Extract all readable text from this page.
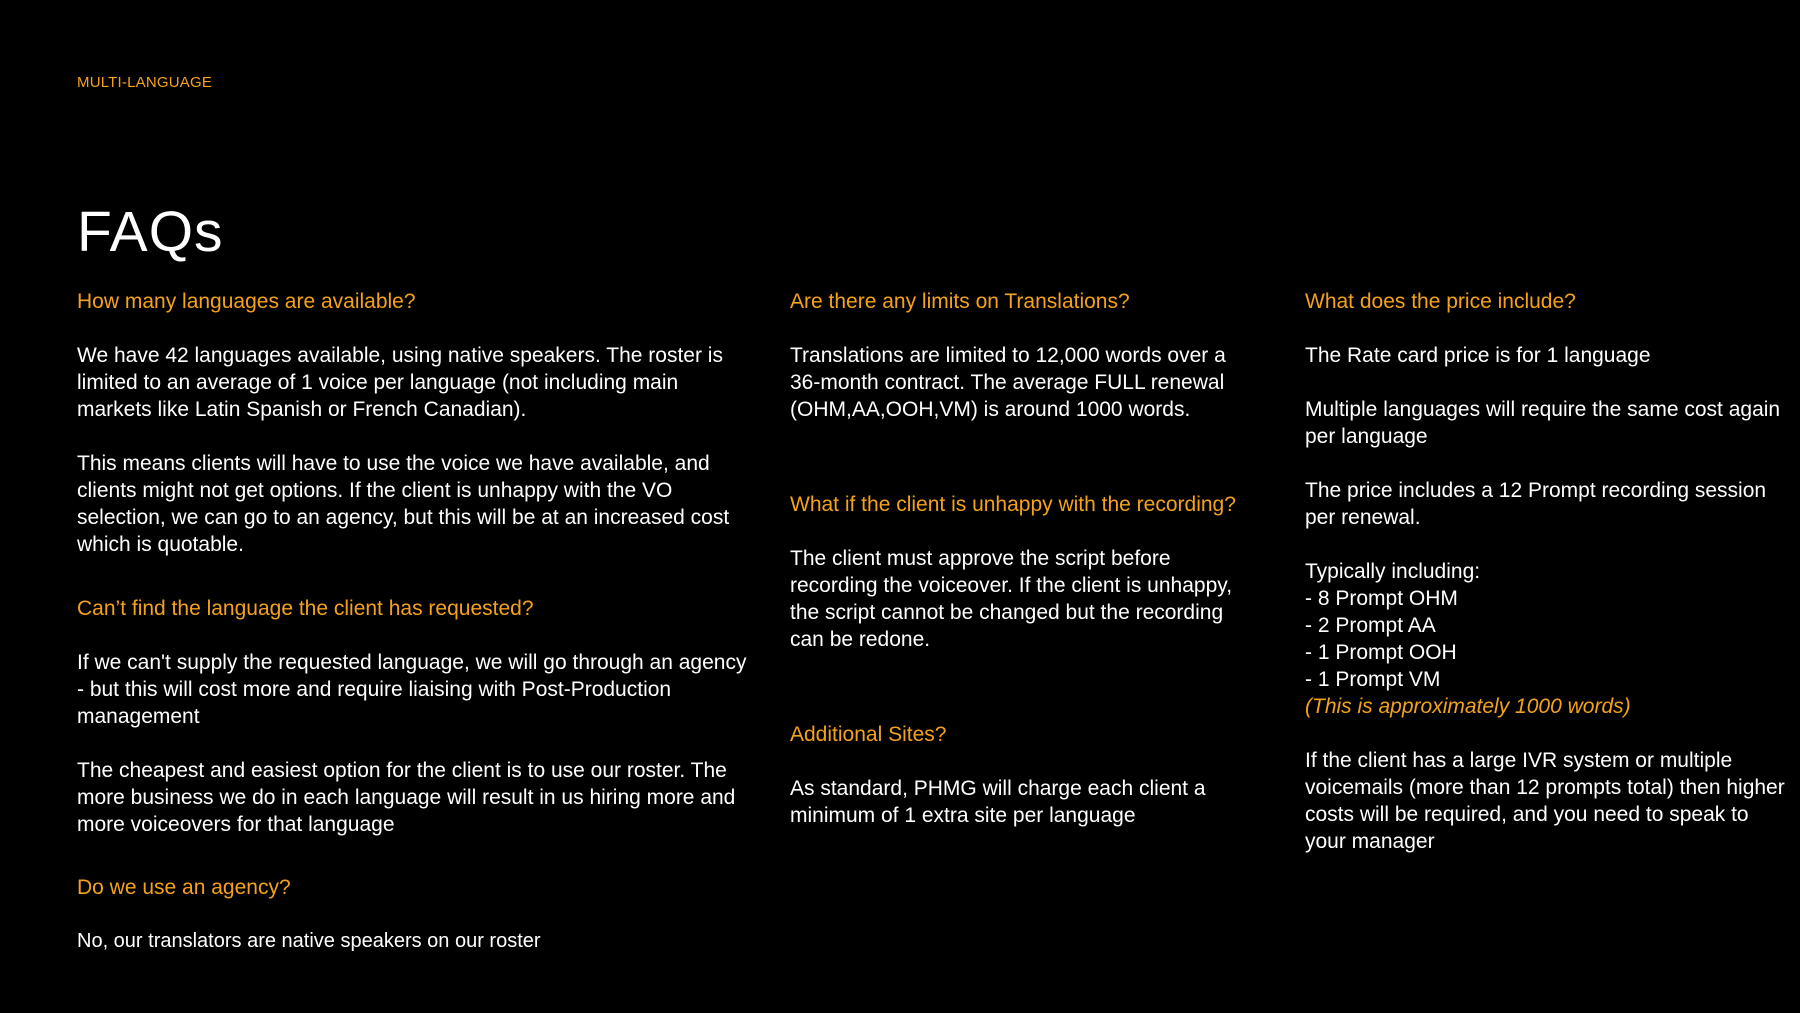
MULTI-LANGUAGE
FAQs

How many languages are available?

We have 42 languages available, using native speakers. The roster is limited to an average of 1 voice per language (not including main markets like Latin Spanish or French Canadian).

This means clients will have to use the voice we have available, and clients might not get options. If the client is unhappy with the VO selection, we can go to an agency, but this will be at an increased cost which is quotable.

Can’t find the language the client has requested?

If we can't supply the requested language, we will go through an agency - but this will cost more and require liaising with Post-Production management

The cheapest and easiest option for the client is to use our roster. The more business we do in each language will result in us hiring more and more voiceovers for that language

Do we use an agency?

No, our translators are native speakers on our roster

Are there any limits on Translations?

Translations are limited to 12,000 words over a 36-month contract. The average FULL renewal (OHM,AA,OOH,VM) is around 1000 words.

What if the client is unhappy with the recording?

The client must approve the script before recording the voiceover. If the client is unhappy, the script cannot be changed but the recording can be redone.

Additional Sites?

As standard, PHMG will charge each client a minimum of 1 extra site per language

What does the price include?

The Rate card price is for 1 language

Multiple languages will require the same cost again per language

The price includes a 12 Prompt recording session per renewal.

Typically including:

- 8 Prompt OHM

- 2 Prompt AA

- 1 Prompt OOH

- 1 Prompt VM

(This is approximately 1000 words)

If the client has a large IVR system or multiple voicemails (more than 12 prompts total) then higher costs will be required, and you need to speak to your manager
